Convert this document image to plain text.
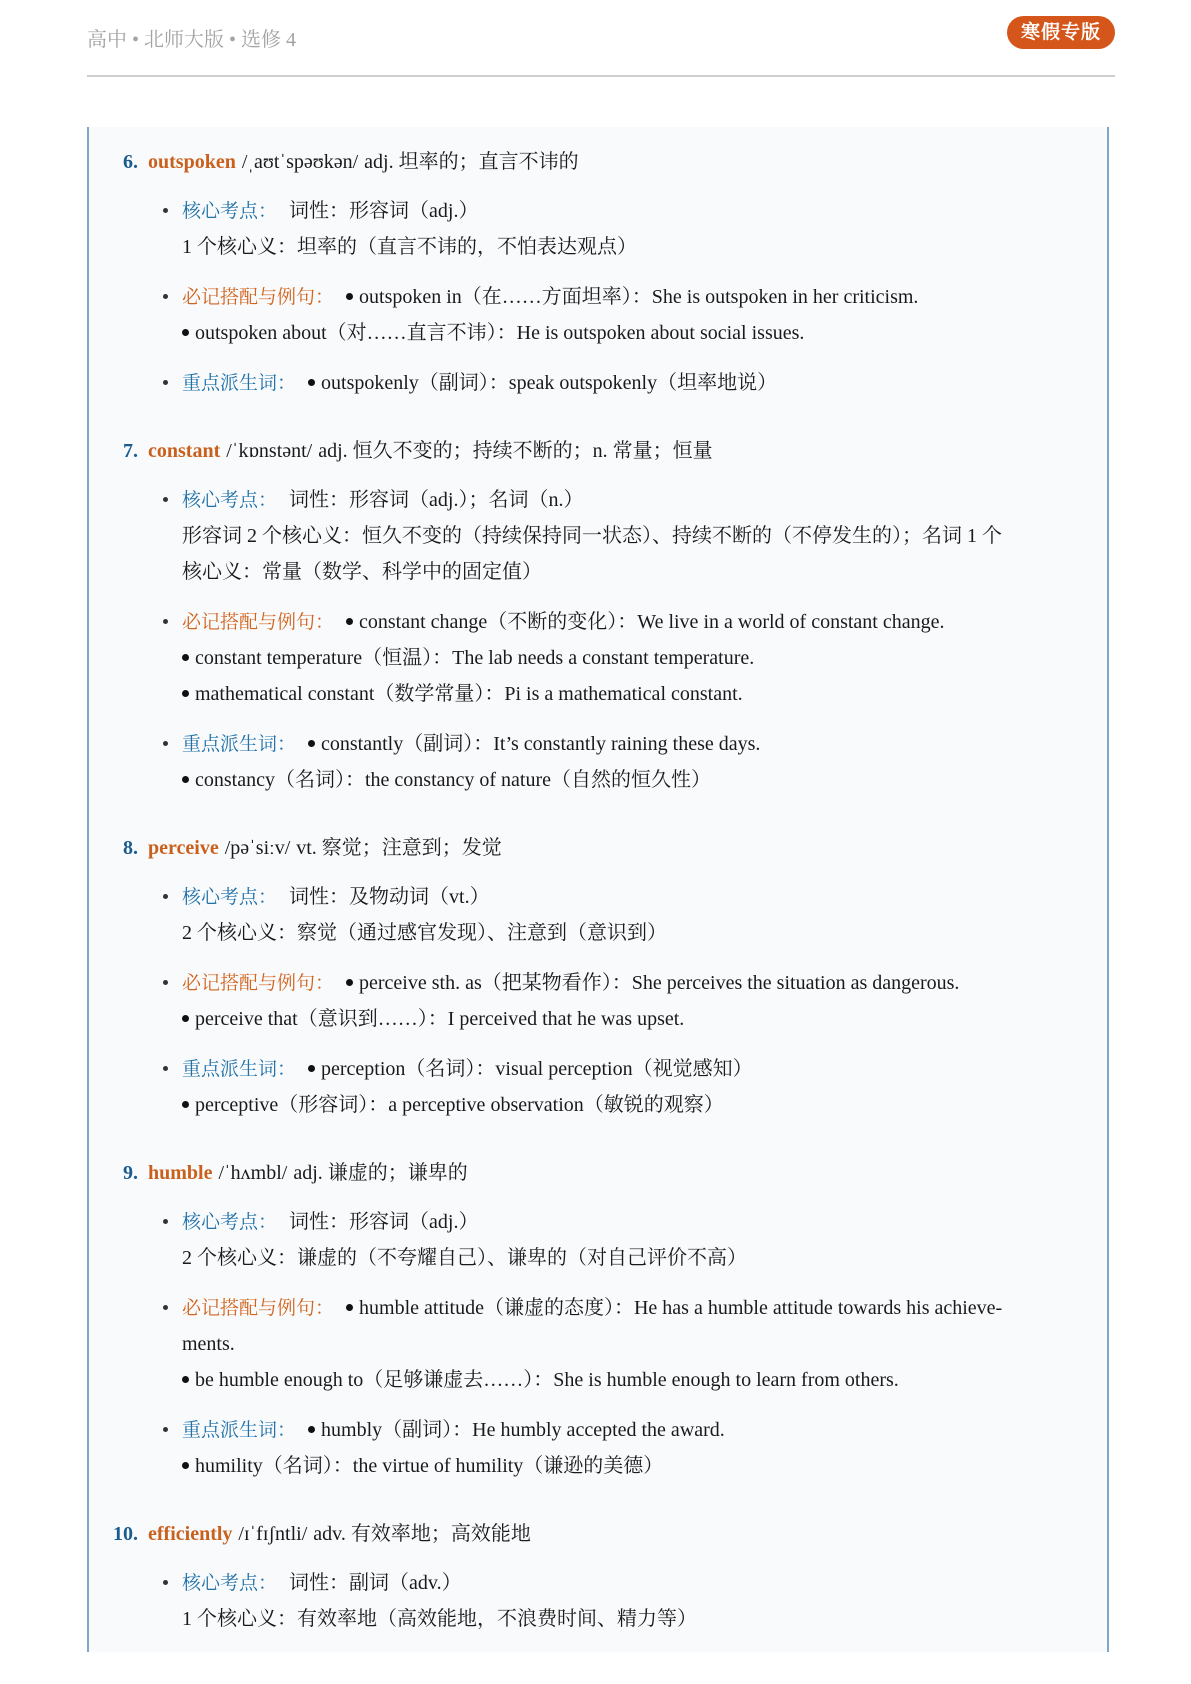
高中 • 北师大版 • 选修 4	寒假专版
6. outspoken /ˌaʊtˈspəʊkən/ adj. 坦率的；直言不讳的
核心考点： 词性：形容词（adj.）
1 个核心义：坦率的（直言不讳的，不怕表达观点）
必记搭配与例句： outspoken in（在……方面坦率）：She is outspoken in her criticism.
outspoken about（对……直言不讳）：He is outspoken about social issues.
重点派生词： outspokenly（副词）：speak outspokenly（坦率地说）
7. constant /ˈkɒnstənt/ adj. 恒久不变的；持续不断的；n. 常量；恒量
核心考点： 词性：形容词（adj.）；名词（n.）
形容词 2 个核心义：恒久不变的（持续保持同一状态）、持续不断的（不停发生的）；名词 1 个
核心义：常量（数学、科学中的固定值）
必记搭配与例句： constant change（不断的变化）：We live in a world of constant change.
constant temperature（恒温）：The lab needs a constant temperature.
mathematical constant（数学常量）：Pi is a mathematical constant.
重点派生词： constantly（副词）：It’s constantly raining these days.
constancy（名词）：the constancy of nature（自然的恒久性）
8. perceive /pəˈsiːv/ vt. 察觉；注意到；发觉
核心考点： 词性：及物动词（vt.）
2 个核心义：察觉（通过感官发现）、注意到（意识到）
必记搭配与例句： perceive sth. as（把某物看作）：She perceives the situation as dangerous.
perceive that（意识到……）：I perceived that he was upset.
重点派生词： perception（名词）：visual perception（视觉感知）
perceptive（形容词）：a perceptive observation（敏锐的观察）
9. humble /ˈhʌmbl/ adj. 谦虚的；谦卑的
核心考点： 词性：形容词（adj.）
2 个核心义：谦虚的（不夸耀自己）、谦卑的（对自己评价不高）
必记搭配与例句： humble attitude（谦虚的态度）：He has a humble attitude towards his achieve-
ments.
be humble enough to（足够谦虚去……）：She is humble enough to learn from others.
重点派生词： humbly（副词）：He humbly accepted the award.
humility（名词）：the virtue of humility（谦逊的美德）
10. efficiently /ɪˈfɪʃntli/ adv. 有效率地；高效能地
核心考点： 词性：副词（adv.）
1 个核心义：有效率地（高效能地，不浪费时间、精力等）
